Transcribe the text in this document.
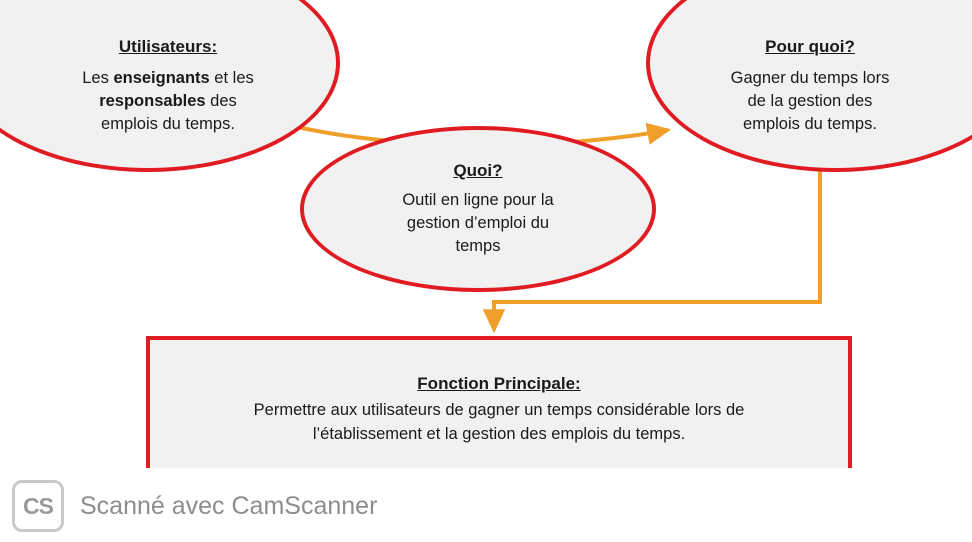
Utilisateurs:
Les enseignants et les
responsables des
emplois du temps.
Pour quoi?
Gagner du temps lors
de la gestion des
emplois du temps.
Quoi?
Outil en ligne pour la
gestion d’emploi du
temps
Fonction Principale:
Permettre aux utilisateurs de gagner un temps considérable lors de
l’établissement et la gestion des emplois du temps.
CS	Scanné avec CamScanner
